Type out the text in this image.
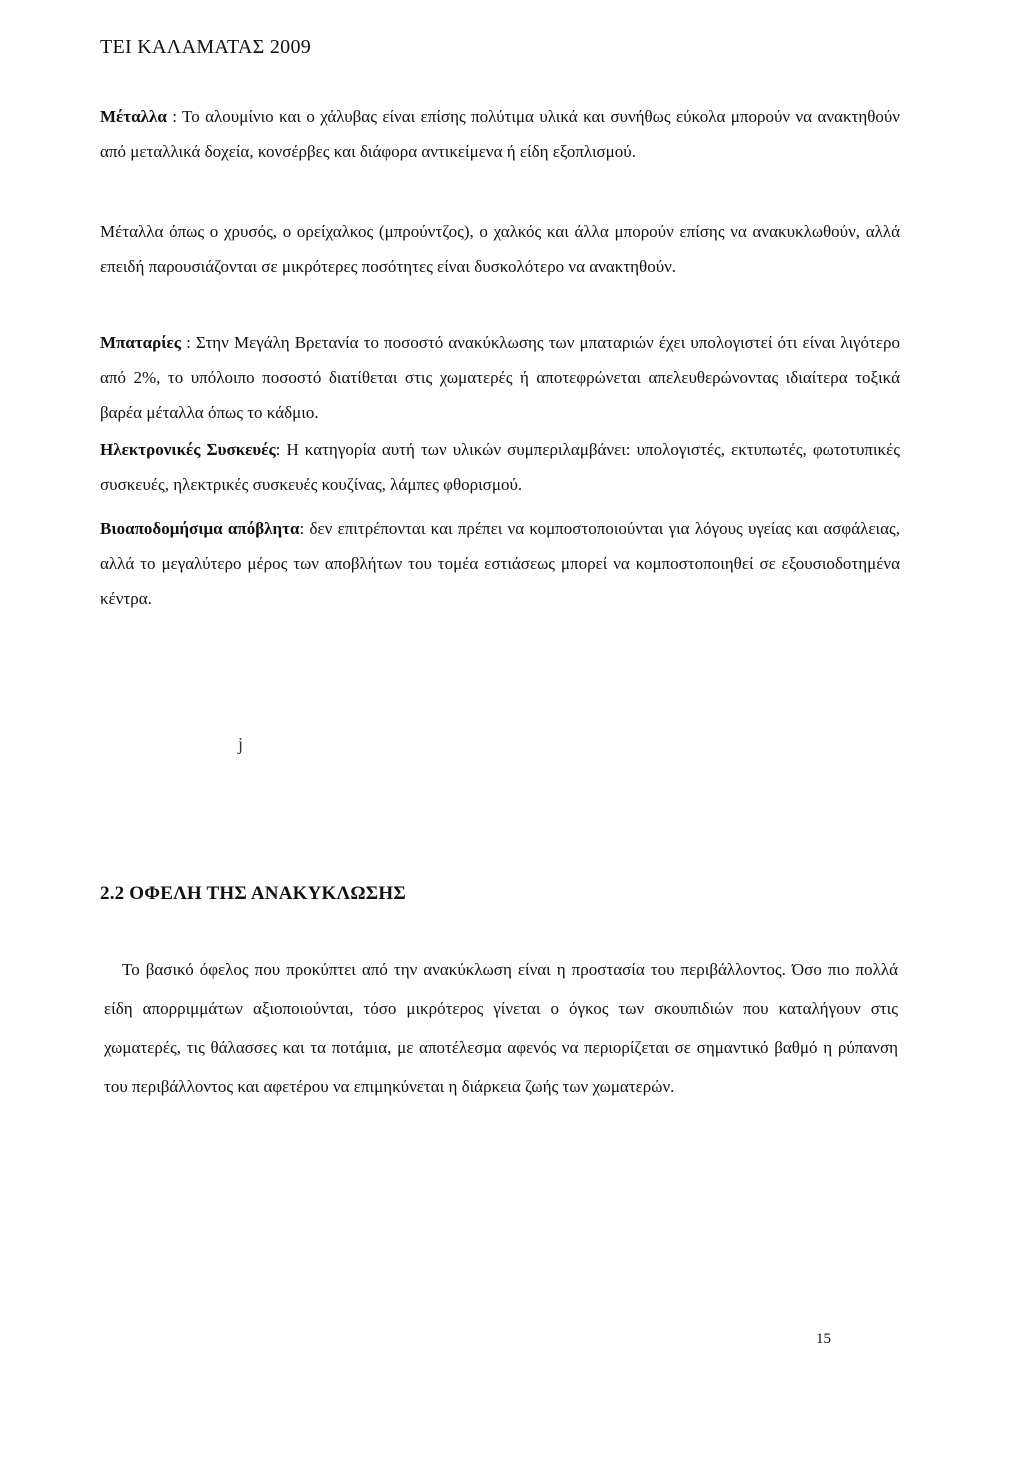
ΤΕΙ ΚΑΛΑΜΑΤΑΣ 2009

Μέταλλα : Το αλουμίνιο και ο χάλυβας είναι επίσης πολύτιμα υλικά και συνήθως εύκολα μπορούν να ανακτηθούν από μεταλλικά δοχεία, κονσέρβες και διάφορα αντικείμενα ή είδη εξοπλισμού.

Μέταλλα όπως ο χρυσός, ο ορείχαλκος (μπρούντζος), ο χαλκός και άλλα μπορούν επίσης να ανακυκλωθούν, αλλά επειδή παρουσιάζονται σε μικρότερες ποσότητες είναι δυσκολότερο να ανακτηθούν.

Μπαταρίες : Στην Μεγάλη Βρετανία το ποσοστό ανακύκλωσης των μπαταριών έχει υπολογιστεί ότι είναι λιγότερο από 2%, το υπόλοιπο ποσοστό διατίθεται στις χωματερές ή αποτεφρώνεται απελευθερώνοντας ιδιαίτερα τοξικά βαρέα μέταλλα όπως το κάδμιο.

Ηλεκτρονικές Συσκευές: Η κατηγορία αυτή των υλικών συμπεριλαμβάνει: υπολογιστές, εκτυπωτές, φωτοτυπικές συσκευές, ηλεκτρικές συσκευές κουζίνας, λάμπες φθορισμού.

Βιοαποδομήσιμα απόβλητα: δεν επιτρέπονται και πρέπει να κομποστοποιούνται για λόγους υγείας και ασφάλειας, αλλά το μεγαλύτερο μέρος των αποβλήτων του τομέα εστιάσεως μπορεί να κομποστοποιηθεί σε εξουσιοδοτημένα κέντρα.

j
2.2 ΟΦΕΛΗ ΤΗΣ ΑΝΑΚΥΚΛΩΣΗΣ

Το βασικό όφελος που προκύπτει από την ανακύκλωση είναι η προστασία του περιβάλλοντος. Όσο πιο πολλά είδη απορριμμάτων αξιοποιούνται, τόσο μικρότερος γίνεται ο όγκος των σκουπιδιών που καταλήγουν στις χωματερές, τις θάλασσες και τα ποτάμια, με αποτέλεσμα αφενός να περιορίζεται σε σημαντικό βαθμό η ρύπανση του περιβάλλοντος και αφετέρου να επιμηκύνεται η διάρκεια ζωής των χωματερών.

15
